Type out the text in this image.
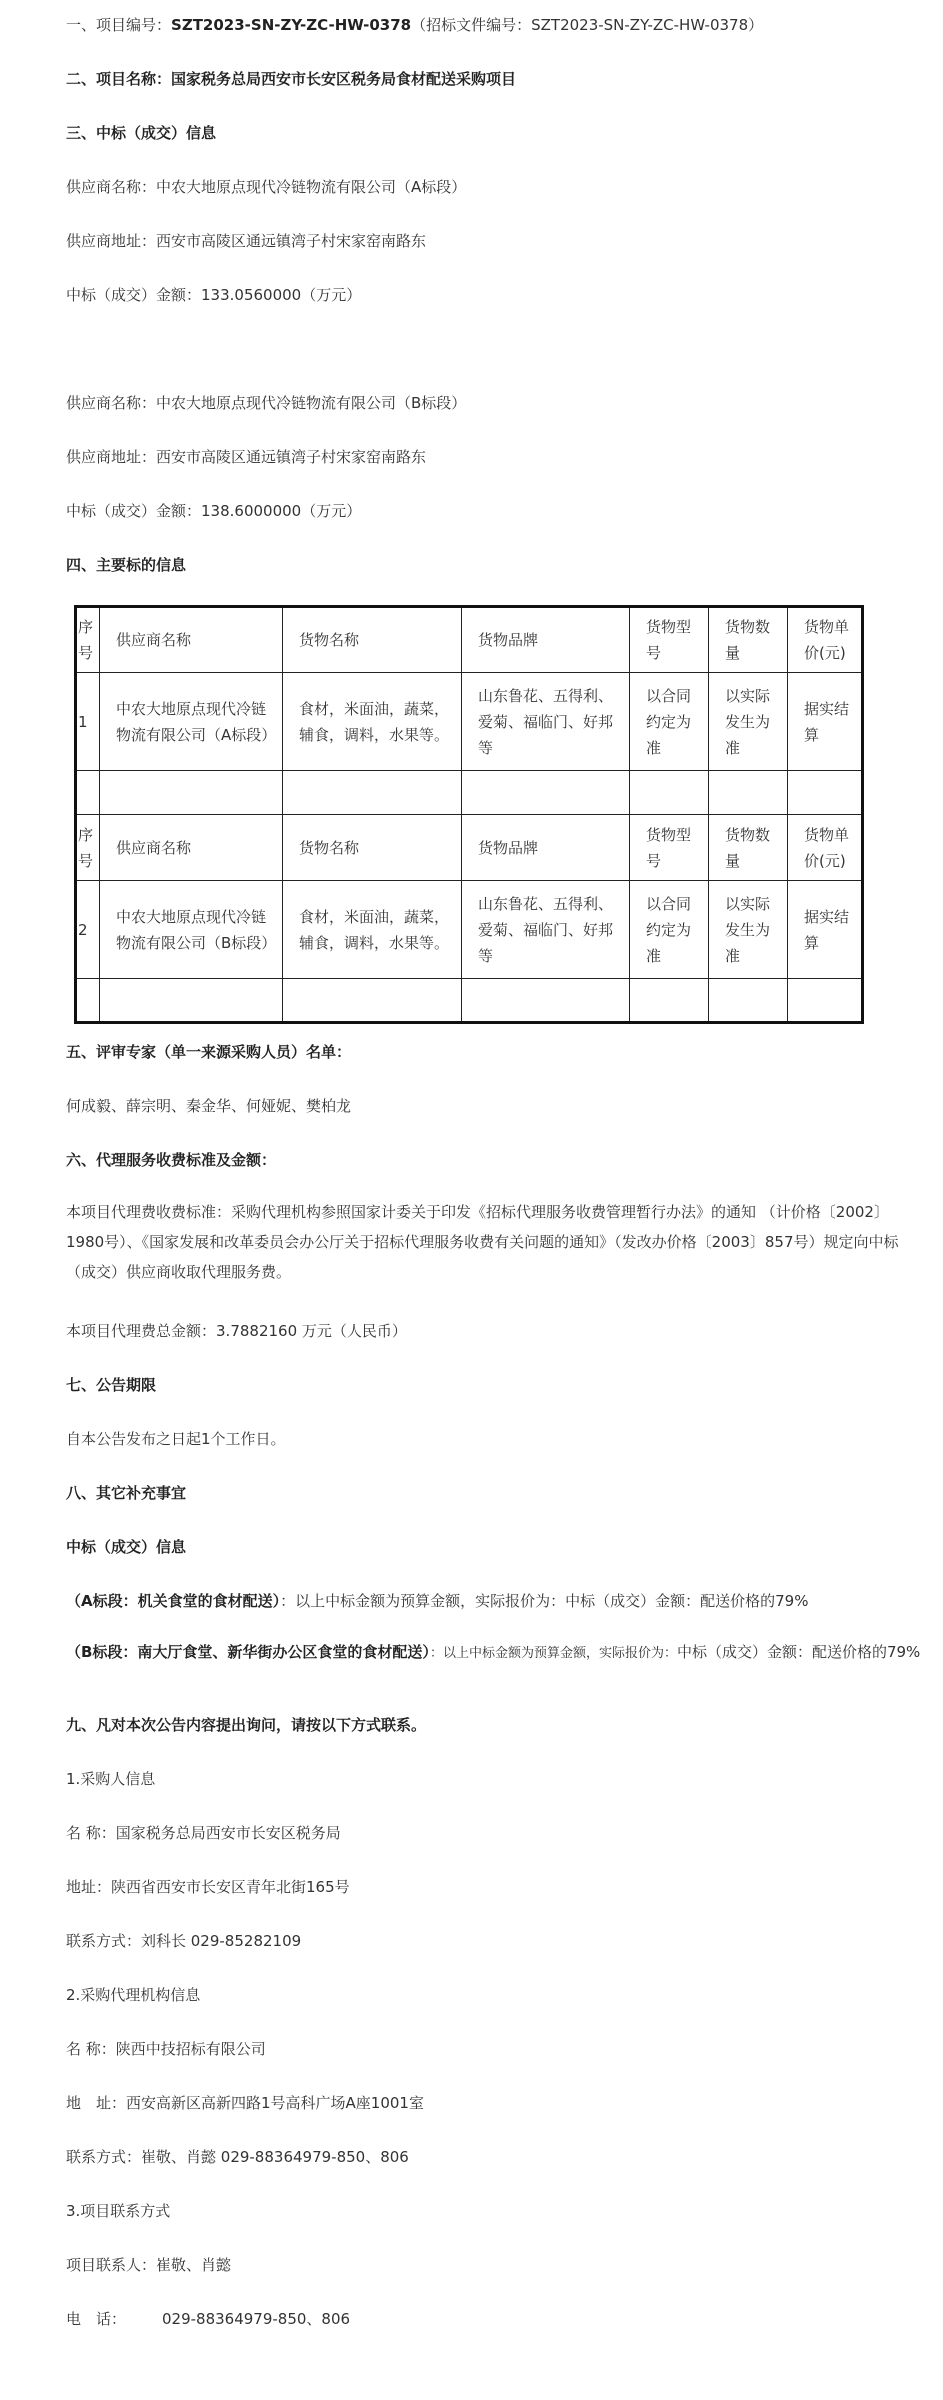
一、项目编号：SZT2023-SN-ZY-ZC-HW-0378（招标文件编号：SZT2023-SN-ZY-ZC-HW-0378）
二、项目名称：国家税务总局西安市长安区税务局食材配送采购项目
三、中标（成交）信息
供应商名称：中农大地原点现代冷链物流有限公司（A标段）
供应商地址：西安市高陵区通远镇湾子村宋家窑南路东
中标（成交）金额：133.0560000（万元）
供应商名称：中农大地原点现代冷链物流有限公司（B标段）
供应商地址：西安市高陵区通远镇湾子村宋家窑南路东
中标（成交）金额：138.6000000（万元）
四、主要标的信息
序号	供应商名称	货物名称	货物品牌	货物型号	货物数量	货物单价(元)
1	中农大地原点现代冷链物流有限公司（A标段）	食材，米面油，蔬菜，辅食，调料，水果等。	山东鲁花、五得利、爱菊、福临门、好邦等	以合同约定为准	以实际发生为准	据实结算

序号	供应商名称	货物名称	货物品牌	货物型号	货物数量	货物单价(元)
2	中农大地原点现代冷链物流有限公司（B标段）	食材，米面油，蔬菜，辅食，调料，水果等。	山东鲁花、五得利、爱菊、福临门、好邦等	以合同约定为准	以实际发生为准	据实结算

五、评审专家（单一来源采购人员）名单：
何成毅、薛宗明、秦金华、何娅妮、樊柏龙
六、代理服务收费标准及金额：
本项目代理费收费标准：采购代理机构参照国家计委关于印发《招标代理服务收费管理暂行办法》的通知 （计价格〔2002〕1980号）、《国家发展和改革委员会办公厅关于招标代理服务收费有关问题的通知》（发改办价格〔2003〕857号）规定向中标（成交）供应商收取代理服务费。
本项目代理费总金额：3.7882160 万元（人民币）
七、公告期限
自本公告发布之日起1个工作日。
八、其它补充事宜
中标（成交）信息
（A标段：机关食堂的食材配送）：以上中标金额为预算金额，实际报价为：中标（成交）金额：配送价格的79%
（B标段：南大厅食堂、新华街办公区食堂的食材配送）：以上中标金额为预算金额，实际报价为：中标（成交）金额：配送价格的79%
九、凡对本次公告内容提出询问，请按以下方式联系。
1.采购人信息
名 称：国家税务总局西安市长安区税务局
地址：陕西省西安市长安区青年北街165号
联系方式：刘科长 029-85282109
2.采购代理机构信息
名 称：陕西中技招标有限公司
地　址：西安高新区高新四路1号高科广场A座1001室
联系方式：崔敬、肖懿 029-88364979-850、806
3.项目联系方式
项目联系人：崔敬、肖懿
电　话： 029-88364979-850、806
